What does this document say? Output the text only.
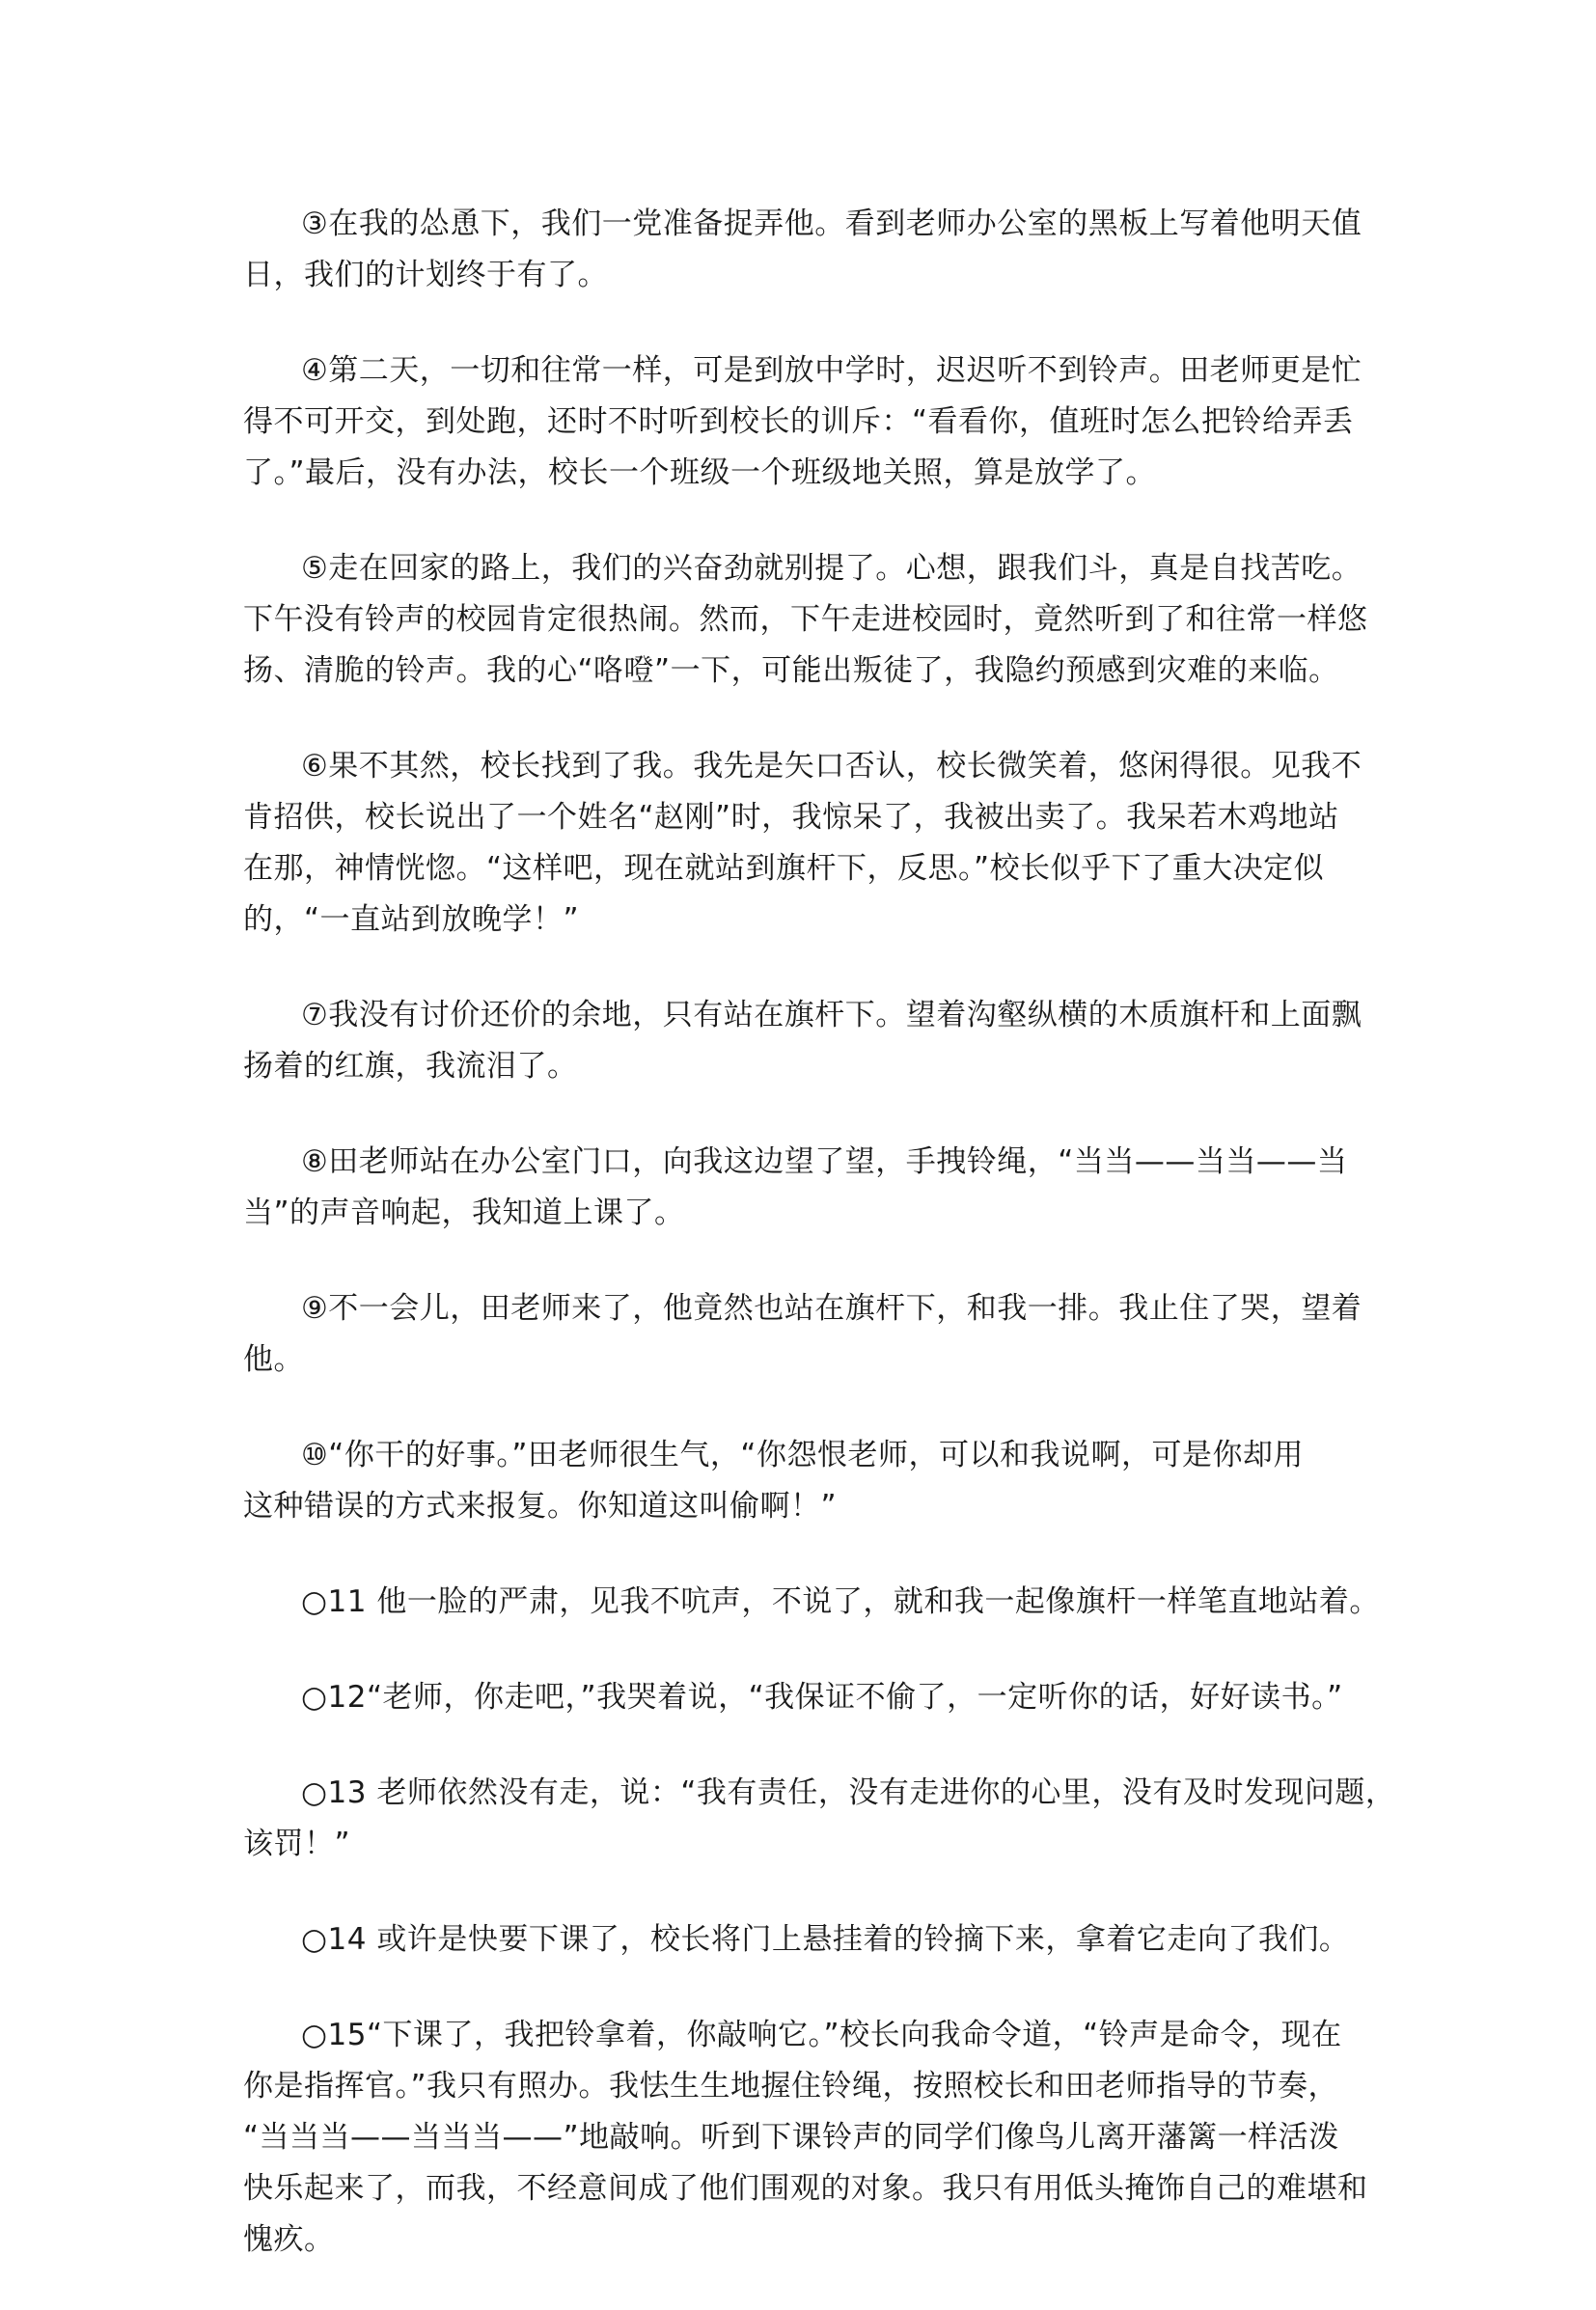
③在我的怂恿下，我们一党准备捉弄他。看到老师办公室的黑板上写着他明天值
日，我们的计划终于有了。
④第二天，一切和往常一样，可是到放中学时，迟迟听不到铃声。田老师更是忙
得不可开交，到处跑，还时不时听到校长的训斥：“看看你，值班时怎么把铃给弄丢
了。”最后，没有办法，校长一个班级一个班级地关照，算是放学了。
⑤走在回家的路上，我们的兴奋劲就别提了。心想，跟我们斗，真是自找苦吃。
下午没有铃声的校园肯定很热闹。然而，下午走进校园时，竟然听到了和往常一样悠
扬、清脆的铃声。我的心“咯噔”一下，可能出叛徒了，我隐约预感到灾难的来临。
⑥果不其然，校长找到了我。我先是矢口否认，校长微笑着，悠闲得很。见我不
肯招供，校长说出了一个姓名“赵刚”时，我惊呆了，我被出卖了。我呆若木鸡地站
在那，神情恍惚。“这样吧，现在就站到旗杆下，反思。”校长似乎下了重大决定似
的，“一直站到放晚学！”
⑦我没有讨价还价的余地，只有站在旗杆下。望着沟壑纵横的木质旗杆和上面飘
扬着的红旗，我流泪了。
⑧田老师站在办公室门口，向我这边望了望，手拽铃绳，“当当——当当——当
当”的声音响起，我知道上课了。
⑨不一会儿，田老师来了，他竟然也站在旗杆下，和我一排。我止住了哭，望着
他。
⑩“你干的好事。”田老师很生气，“你怨恨老师，可以和我说啊，可是你却用
这种错误的方式来报复。你知道这叫偷啊！”
○11 他一脸的严肃，见我不吭声，不说了，就和我一起像旗杆一样笔直地站着。
○12“老师，你走吧，”我哭着说，“我保证不偷了，一定听你的话，好好读书。”
○13 老师依然没有走，说：“我有责任，没有走进你的心里，没有及时发现问题，
该罚！”
○14 或许是快要下课了，校长将门上悬挂着的铃摘下来，拿着它走向了我们。
○15“下课了，我把铃拿着，你敲响它。”校长向我命令道，“铃声是命令，现在
你是指挥官。”我只有照办。我怯生生地握住铃绳，按照校长和田老师指导的节奏，
“当当当——当当当——”地敲响。听到下课铃声的同学们像鸟儿离开藩篱一样活泼
快乐起来了，而我，不经意间成了他们围观的对象。我只有用低头掩饰自己的难堪和
愧疚。
